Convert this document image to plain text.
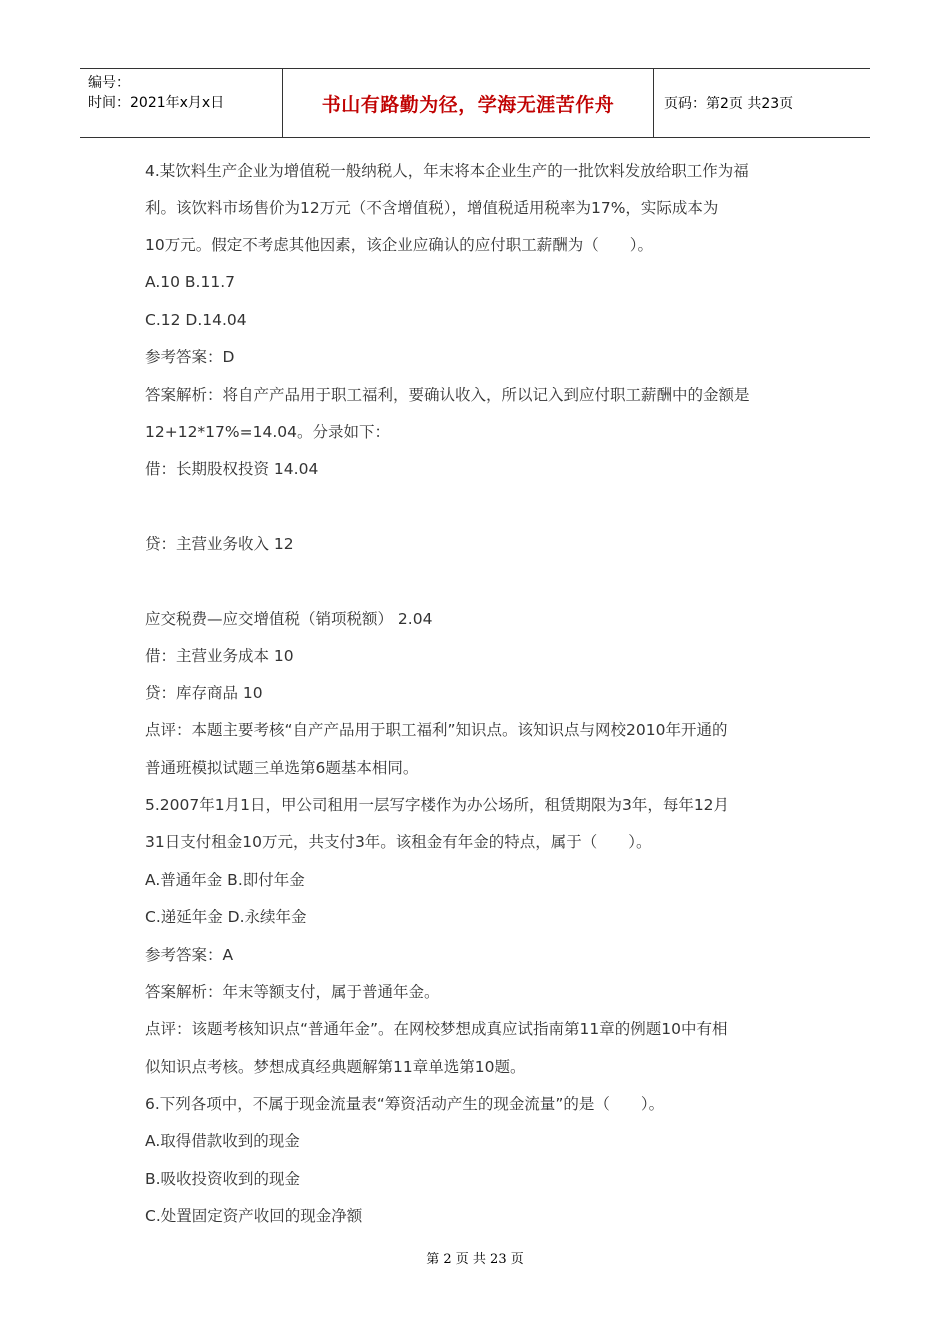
编号：
时间：2021年x月x日	书山有路勤为径，学海无涯苦作舟	页码：第2页 共23页
4.某饮料生产企业为增值税一般纳税人，年末将本企业生产的一批饮料发放给职工作为福
利。该饮料市场售价为12万元（不含增值税），增值税适用税率为17%，实际成本为
10万元。假定不考虑其他因素，该企业应确认的应付职工薪酬为（　　）。
A.10 B.11.7
C.12 D.14.04
参考答案：D
答案解析：将自产产品用于职工福利，要确认收入，所以记入到应付职工薪酬中的金额是
12+12*17%=14.04。分录如下：
借：长期股权投资 14.04
贷：主营业务收入 12
应交税费—应交增值税（销项税额） 2.04
借：主营业务成本 10
贷：库存商品 10
点评：本题主要考核“自产产品用于职工福利”知识点。该知识点与网校2010年开通的
普通班模拟试题三单选第6题基本相同。
5.2007年1月1日，甲公司租用一层写字楼作为办公场所，租赁期限为3年，每年12月
31日支付租金10万元，共支付3年。该租金有年金的特点，属于（　　）。
A.普通年金 B.即付年金
C.递延年金 D.永续年金
参考答案：A
答案解析：年末等额支付，属于普通年金。
点评：该题考核知识点“普通年金”。在网校梦想成真应试指南第11章的例题10中有相
似知识点考核。梦想成真经典题解第11章单选第10题。
6.下列各项中，不属于现金流量表“筹资活动产生的现金流量”的是（　　）。
A.取得借款收到的现金
B.吸收投资收到的现金
C.处置固定资产收回的现金净额
第 2 页 共 23 页
